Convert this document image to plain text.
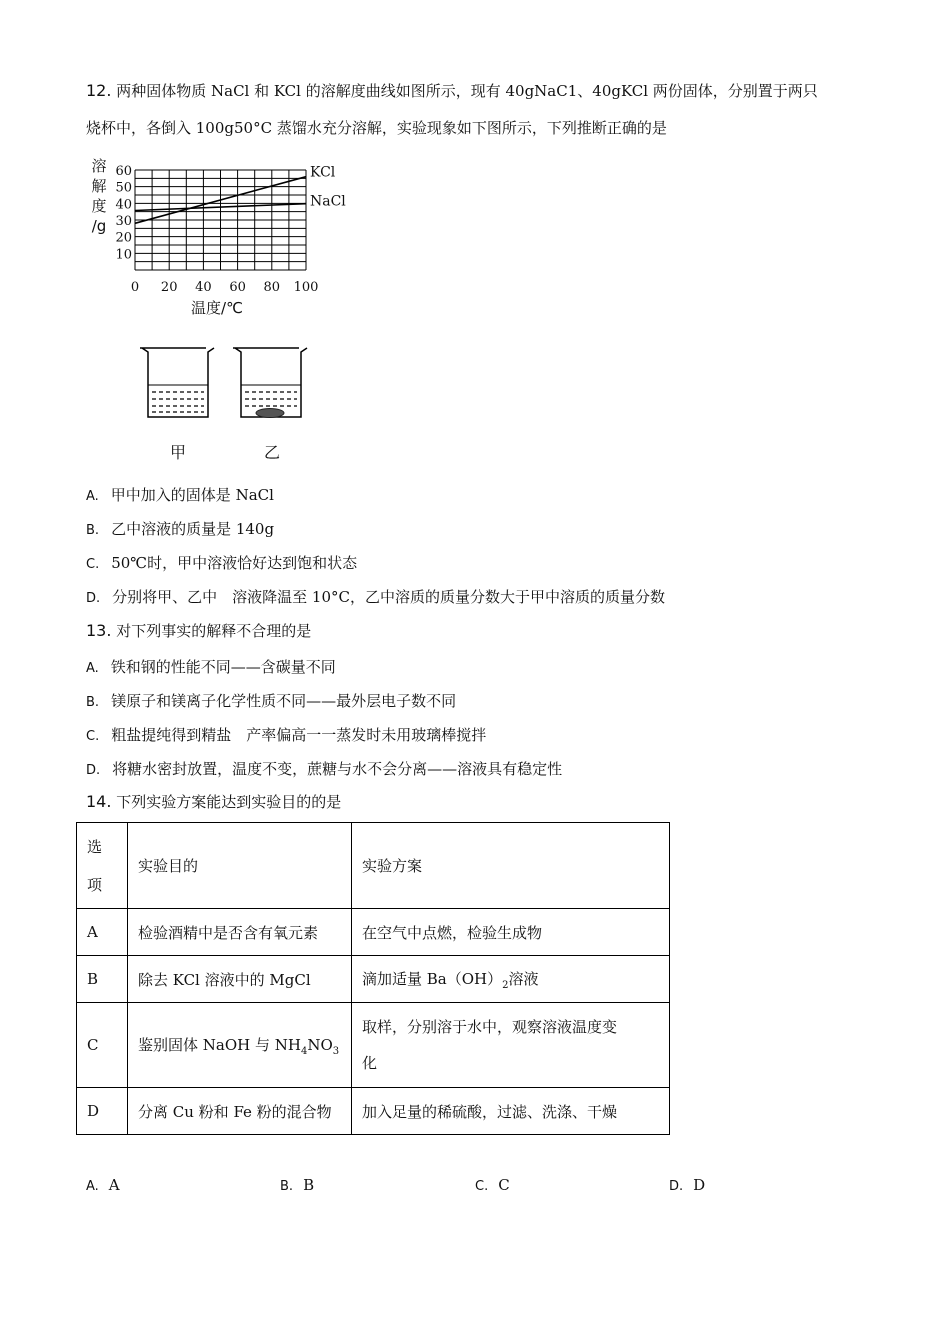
12. 两种固体物质 NaCl 和 KCl 的溶解度曲线如图所示，现有 40gNaC1、40gKCl 两份固体，分别置于两只
烧杯中，各倒入 100g50°C 蒸馏水充分溶解，实验现象如下图所示，下列推断正确的是
溶
解
度
/g
10
20
30
40
50
60
0 20 40 60 80 100
KCl
NaCl
温度/℃
甲	乙
A. 甲中加入的固体是 NaCl
B. 乙中溶液的质量是 140g
C. 50℃时，甲中溶液恰好达到饱和状态
D. 分别将甲、乙中　溶液降温至 10°C，乙中溶质的质量分数大于甲中溶质的质量分数
13. 对下列事实的解释不合理的是
A. 铁和钢的性能不同——含碳量不同
B. 镁原子和镁离子化学性质不同——最外层电子数不同
C. 粗盐提纯得到精盐　产率偏高一一蒸发时未用玻璃棒搅拌
D. 将糖水密封放置，温度不变，蔗糖与水不会分离——溶液具有稳定性
14. 下列实验方案能达到实验目的的是
选
项	实验目的	实验方案
A	检验酒精中是否含有氧元素	在空气中点燃，检验生成物
B	除去 KCl 溶液中的 MgCl	滴加适量 $Ba(OH)_2$溶液
C	鉴别固体 NaOH 与 $NH_4NO_3$	取样，分别溶于水中，观察溶液温度变
化

D	分离 Cu 粉和 Fe 粉的混合物	加入足量的稀硫酸，过滤、洗涤、干燥
A. A	B. B	C. C	D. D
